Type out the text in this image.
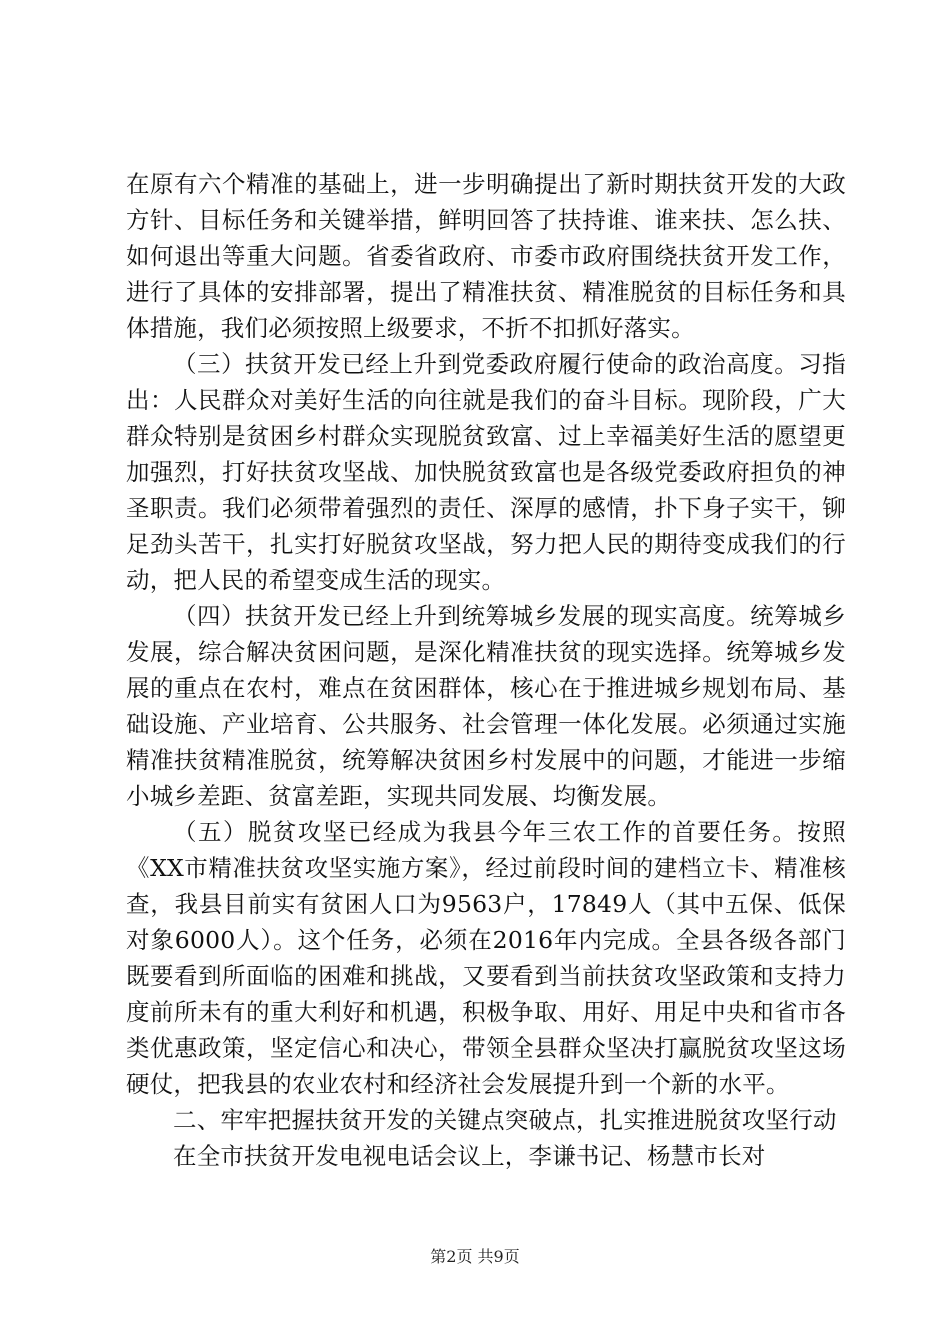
在原有六个精准的基础上，进一步明确提出了新时期扶贫开发的大政方针、目标任务和关键举措，鲜明回答了扶持谁、谁来扶、怎么扶、如何退出等重大问题。省委省政府、市委市政府围绕扶贫开发工作，进行了具体的安排部署，提出了精准扶贫、精准脱贫的目标任务和具体措施，我们必须按照上级要求，不折不扣抓好落实。

（三）扶贫开发已经上升到党委政府履行使命的政治高度。习指出：人民群众对美好生活的向往就是我们的奋斗目标。现阶段，广大群众特别是贫困乡村群众实现脱贫致富、过上幸福美好生活的愿望更加强烈，打好扶贫攻坚战、加快脱贫致富也是各级党委政府担负的神圣职责。我们必须带着强烈的责任、深厚的感情，扑下身子实干，铆足劲头苦干，扎实打好脱贫攻坚战，努力把人民的期待变成我们的行动，把人民的希望变成生活的现实。

（四）扶贫开发已经上升到统筹城乡发展的现实高度。统筹城乡发展，综合解决贫困问题，是深化精准扶贫的现实选择。统筹城乡发展的重点在农村，难点在贫困群体，核心在于推进城乡规划布局、基础设施、产业培育、公共服务、社会管理一体化发展。必须通过实施精准扶贫精准脱贫，统筹解决贫困乡村发展中的问题，才能进一步缩小城乡差距、贫富差距，实现共同发展、均衡发展。

（五）脱贫攻坚已经成为我县今年三农工作的首要任务。按照《XX市精准扶贫攻坚实施方案》，经过前段时间的建档立卡、精准核查，我县目前实有贫困人口为9563户，17849人（其中五保、低保对象6000人）。这个任务，必须在2016年内完成。全县各级各部门既要看到所面临的困难和挑战，又要看到当前扶贫攻坚政策和支持力度前所未有的重大利好和机遇，积极争取、用好、用足中央和省市各类优惠政策，坚定信心和决心，带领全县群众坚决打赢脱贫攻坚这场硬仗，把我县的农业农村和经济社会发展提升到一个新的水平。

二、牢牢把握扶贫开发的关键点突破点，扎实推进脱贫攻坚行动

在全市扶贫开发电视电话会议上，李谦书记、杨慧市长对

第2页 共9页
